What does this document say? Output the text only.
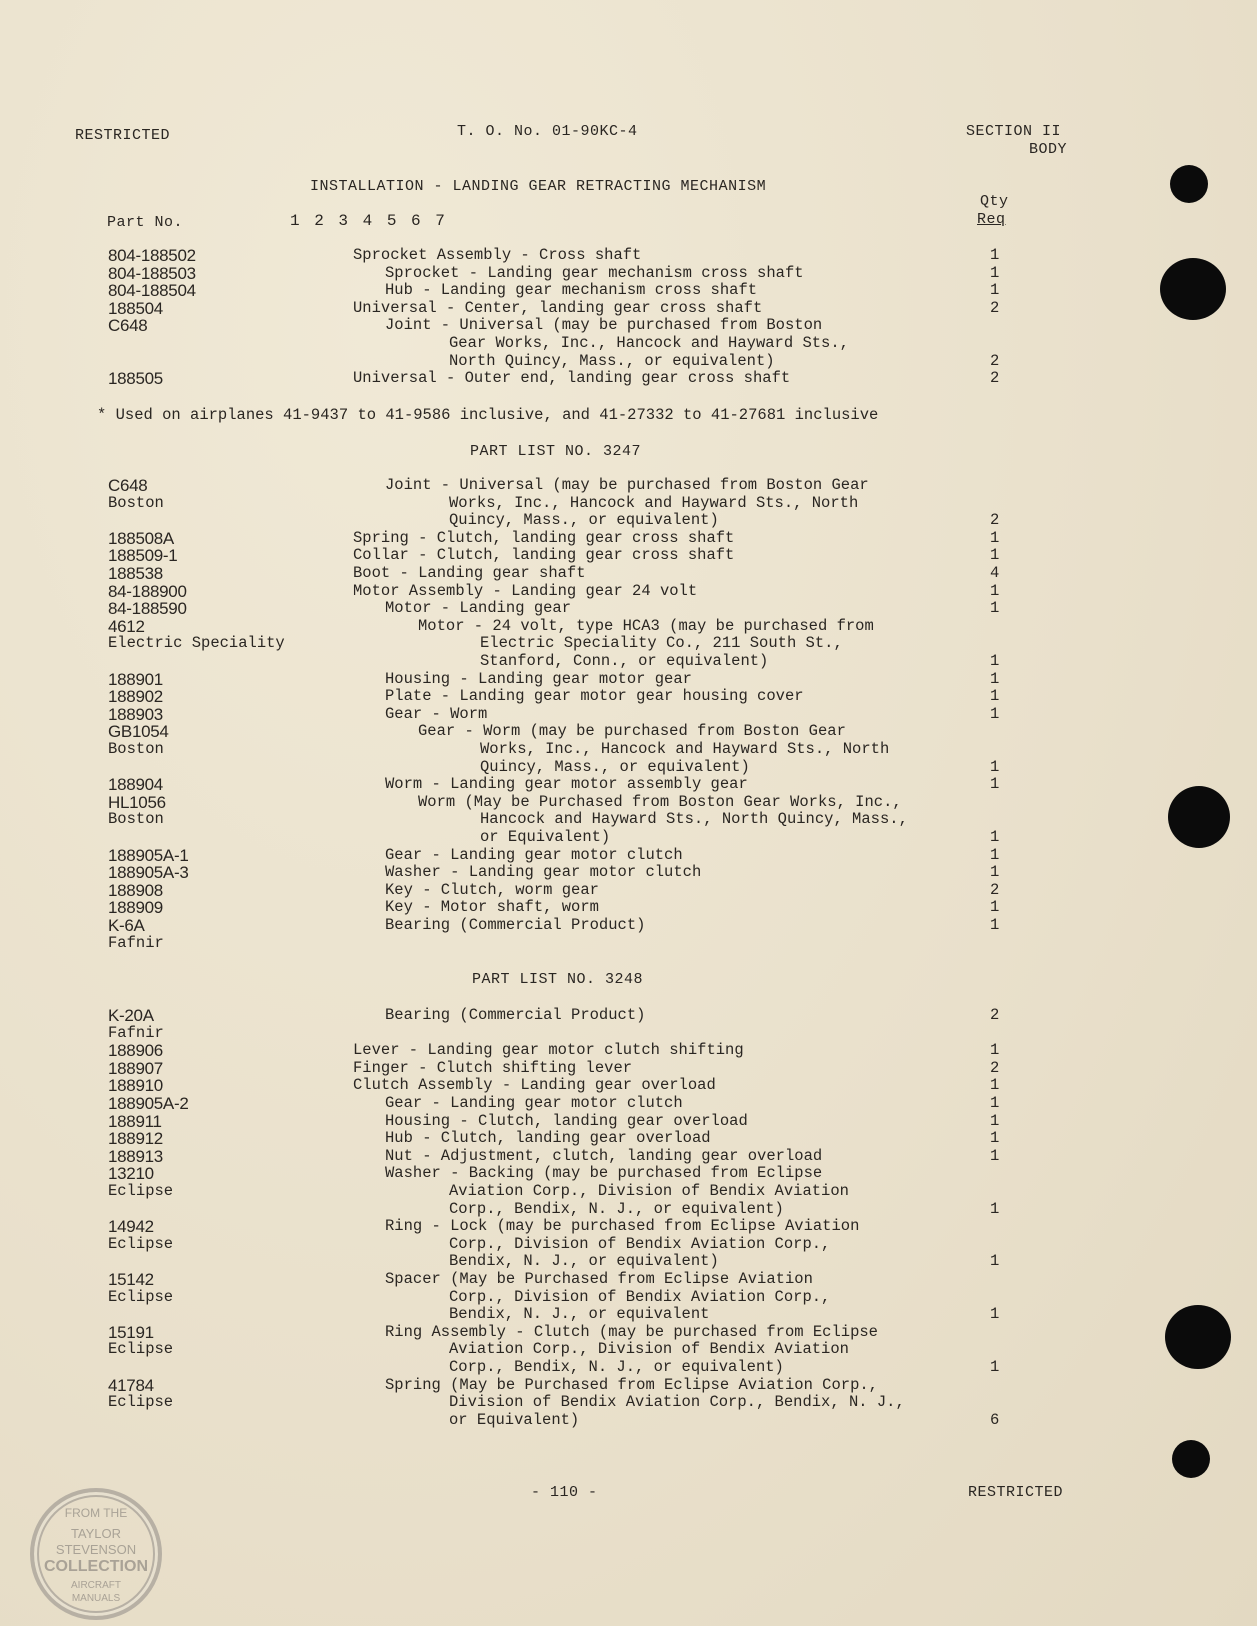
RESTRICTED	T. O. No. 01-90KC-4	SECTION II
BODY
INSTALLATION - LANDING GEAR RETRACTING MECHANISM
Part No.	1 2 3 4 5 6 7
Qty
Req
804-188502	Sprocket Assembly - Cross shaft	1
804-188503	Sprocket - Landing gear mechanism cross shaft	1
804-188504	Hub - Landing gear mechanism cross shaft	1
188504	Universal - Center, landing gear cross shaft	2
C648	Joint - Universal (may be purchased from Boston
Gear Works, Inc., Hancock and Hayward Sts.,
North Quincy, Mass., or equivalent)	2
188505	Universal - Outer end, landing gear cross shaft	2
* Used on airplanes 41-9437 to 41-9586 inclusive, and 41-27332 to 41-27681 inclusive
PART LIST NO. 3247
C648	Joint - Universal (may be purchased from Boston Gear
Boston	Works, Inc., Hancock and Hayward Sts., North
Quincy, Mass., or equivalent)	2
188508A	Spring - Clutch, landing gear cross shaft	1
188509-1	Collar - Clutch, landing gear cross shaft	1
188538	Boot - Landing gear shaft	4
84-188900	Motor Assembly - Landing gear 24 volt	1
84-188590	Motor - Landing gear	1
4612	Motor - 24 volt, type HCA3 (may be purchased from
Electric Speciality	Electric Speciality Co., 211 South St.,
Stanford, Conn., or equivalent)	1
188901	Housing - Landing gear motor gear	1
188902	Plate - Landing gear motor gear housing cover	1
188903	Gear - Worm	1
GB1054	Gear - Worm (may be purchased from Boston Gear
Boston	Works, Inc., Hancock and Hayward Sts., North
Quincy, Mass., or equivalent)	1
188904	Worm - Landing gear motor assembly gear	1
HL1056	Worm (May be Purchased from Boston Gear Works, Inc.,
Boston	Hancock and Hayward Sts., North Quincy, Mass.,
or Equivalent)	1
188905A-1	Gear - Landing gear motor clutch	1
188905A-3	Washer - Landing gear motor clutch	1
188908	Key - Clutch, worm gear	2
188909	Key - Motor shaft, worm	1
K-6A	Bearing (Commercial Product)	1
Fafnir
PART LIST NO. 3248
K-20A	Bearing (Commercial Product)	2
Fafnir
188906	Lever - Landing gear motor clutch shifting	1
188907	Finger - Clutch shifting lever	2
188910	Clutch Assembly - Landing gear overload	1
188905A-2	Gear - Landing gear motor clutch	1
188911	Housing - Clutch, landing gear overload	1
188912	Hub - Clutch, landing gear overload	1
188913	Nut - Adjustment, clutch, landing gear overload	1
13210	Washer - Backing (may be purchased from Eclipse
Eclipse	Aviation Corp., Division of Bendix Aviation
Corp., Bendix, N. J., or equivalent)	1
14942	Ring - Lock (may be purchased from Eclipse Aviation
Eclipse	Corp., Division of Bendix Aviation Corp.,
Bendix, N. J., or equivalent)	1
15142	Spacer (May be Purchased from Eclipse Aviation
Eclipse	Corp., Division of Bendix Aviation Corp.,
Bendix, N. J., or equivalent	1
15191	Ring Assembly - Clutch (may be purchased from Eclipse
Eclipse	Aviation Corp., Division of Bendix Aviation
Corp., Bendix, N. J., or equivalent)	1
41784	Spring (May be Purchased from Eclipse Aviation Corp.,
Eclipse	Division of Bendix Aviation Corp., Bendix, N. J.,
or Equivalent)	6
- 110 -	RESTRICTED
FROM THE
TAYLOR
STEVENSON
COLLECTION
AIRCRAFT
MANUALS
